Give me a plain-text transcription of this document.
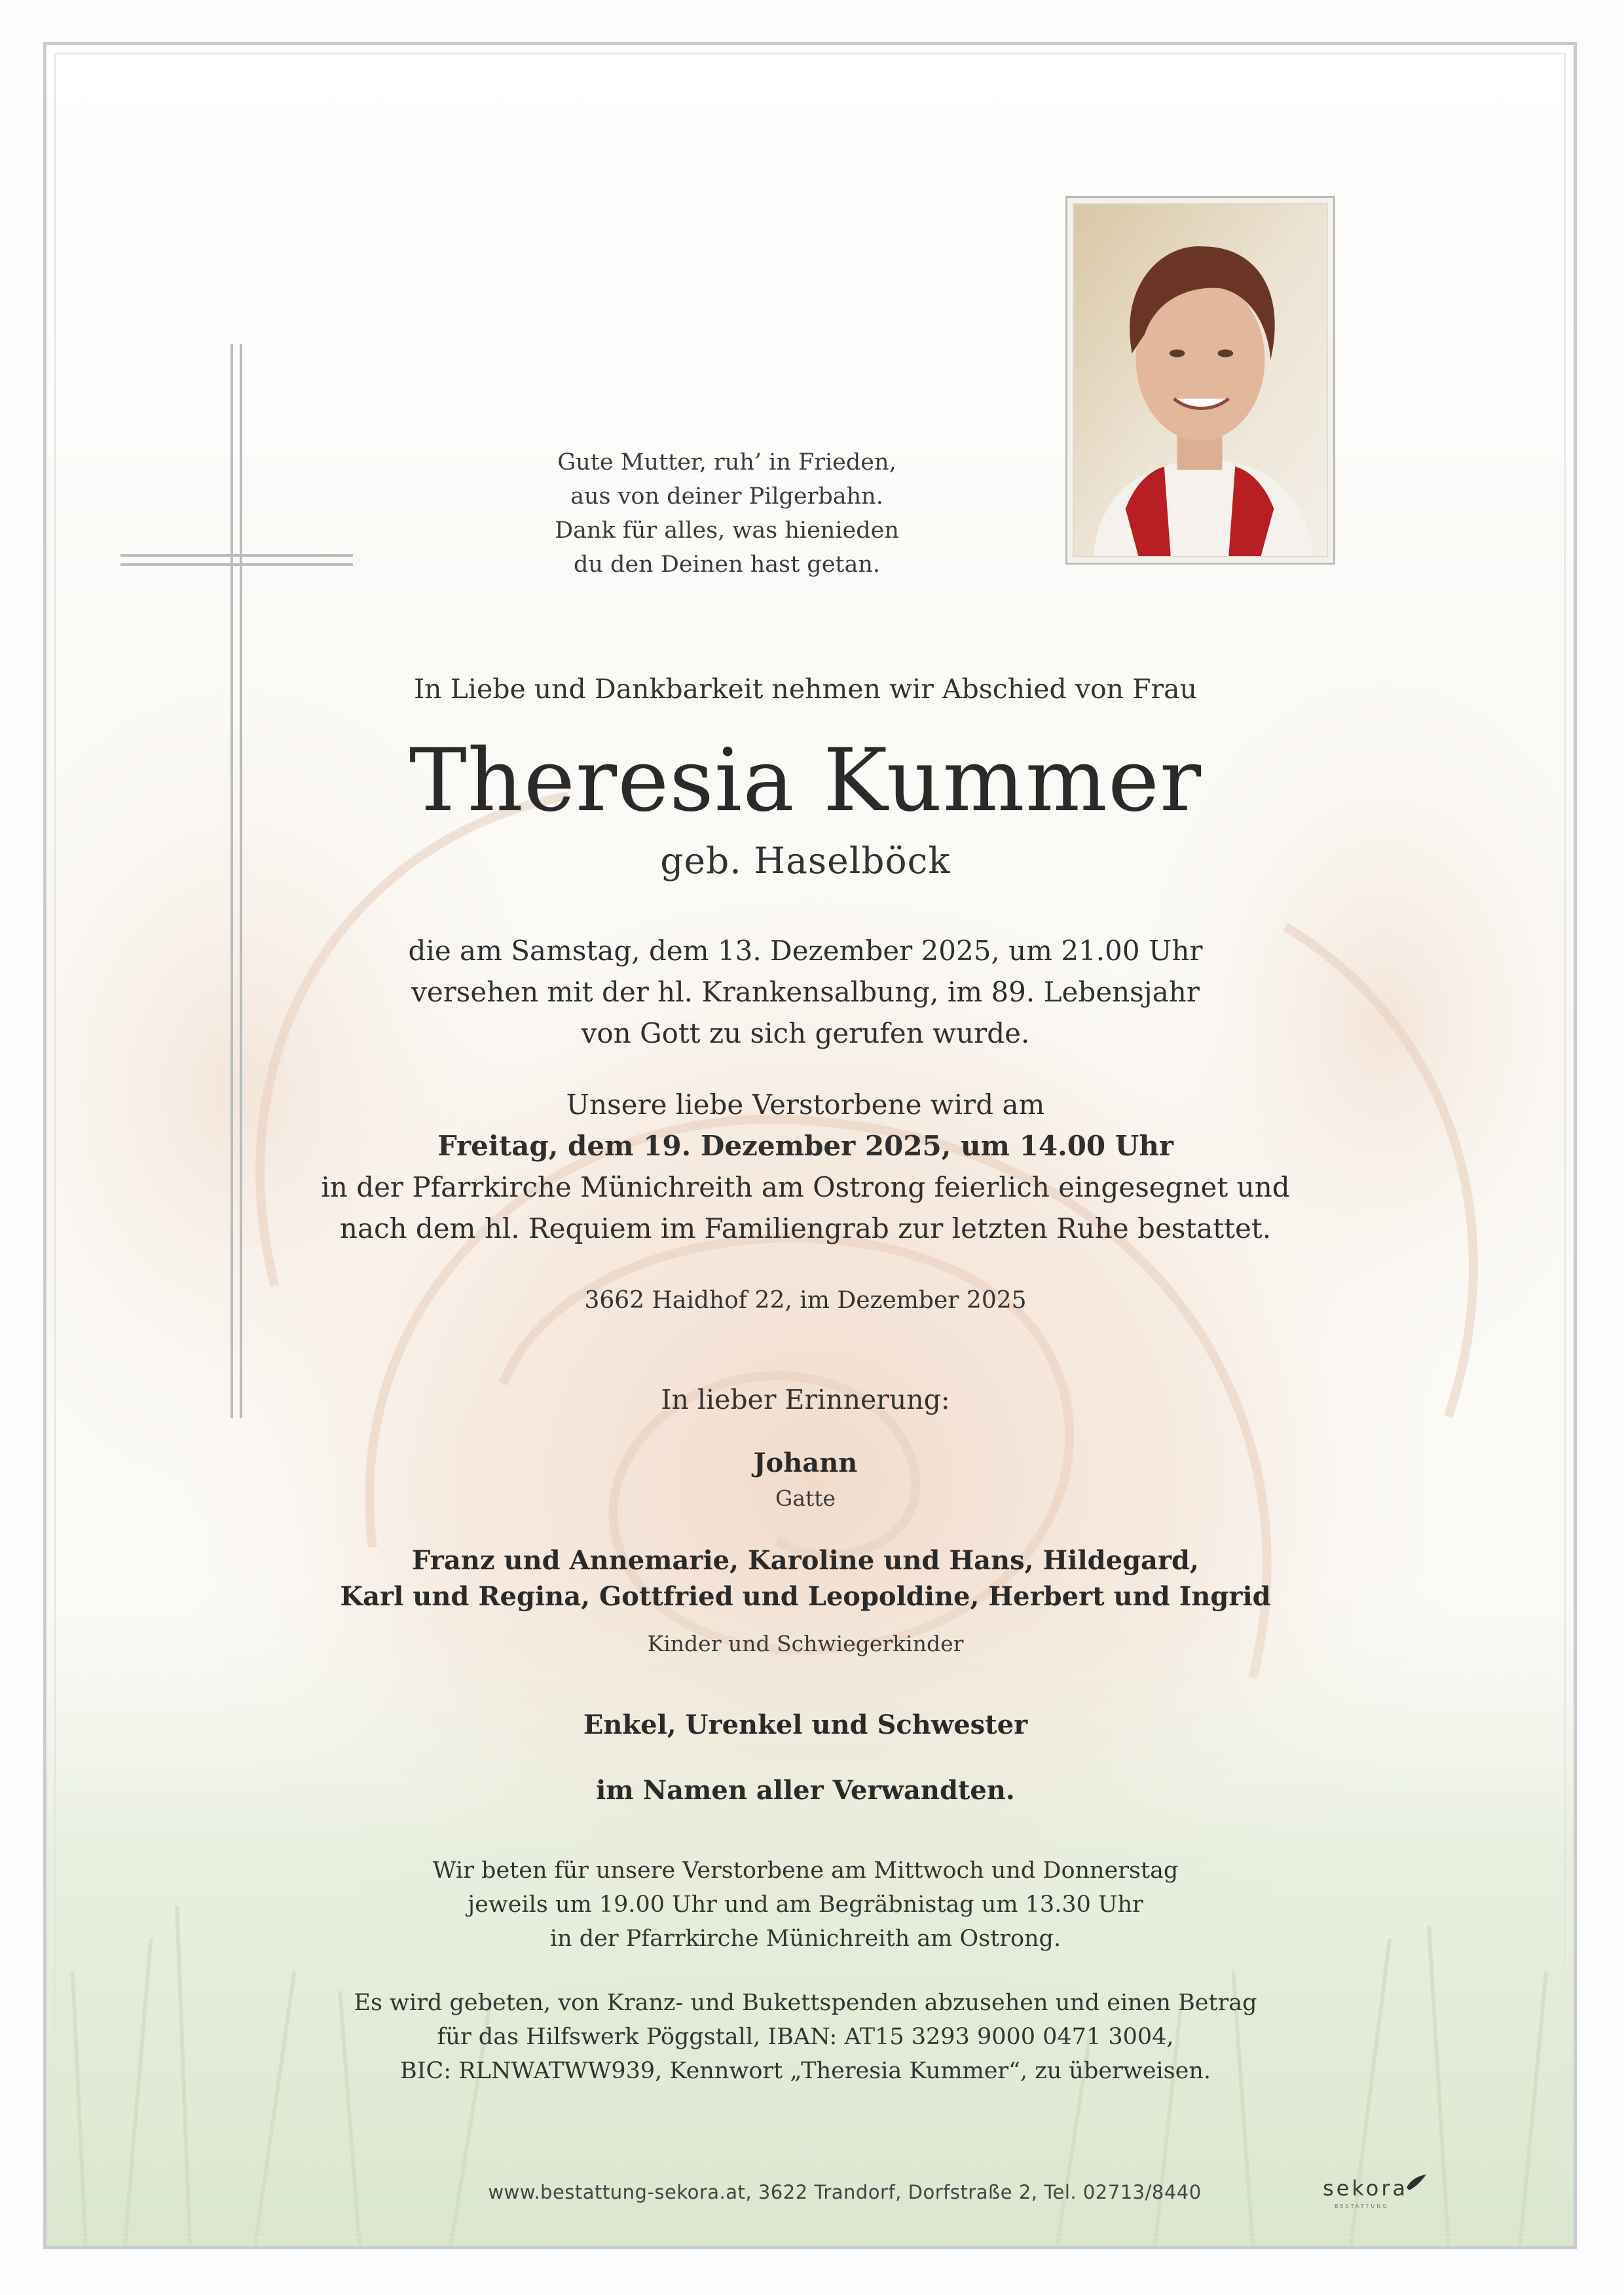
Gute Mutter, ruh’ in Frieden,
aus von deiner Pilgerbahn.
Dank für alles, was hienieden
du den Deinen hast getan.
In Liebe und Dankbarkeit nehmen wir Abschied von Frau
Theresia Kummer
geb. Haselböck
die am Samstag, dem 13. Dezember 2025, um 21.00 Uhr
versehen mit der hl. Krankensalbung, im 89. Lebensjahr
von Gott zu sich gerufen wurde.
Unsere liebe Verstorbene wird am
Freitag, dem 19. Dezember 2025, um 14.00 Uhr
in der Pfarrkirche Münichreith am Ostrong feierlich eingesegnet und
nach dem hl. Requiem im Familiengrab zur letzten Ruhe bestattet.
3662 Haidhof 22, im Dezember 2025
In lieber Erinnerung:
Johann
Gatte
Franz und Annemarie, Karoline und Hans, Hildegard,
Karl und Regina, Gottfried und Leopoldine, Herbert und Ingrid
Kinder und Schwiegerkinder
Enkel, Urenkel und Schwester
im Namen aller Verwandten.
Wir beten für unsere Verstorbene am Mittwoch und Donnerstag
jeweils um 19.00 Uhr und am Begräbnistag um 13.30 Uhr
in der Pfarrkirche Münichreith am Ostrong.
Es wird gebeten, von Kranz- und Bukettspenden abzusehen und einen Betrag
für das Hilfswerk Pöggstall, IBAN: AT15 3293 9000 0471 3004,
BIC: RLNWATWW939, Kennwort „Theresia Kummer“, zu überweisen.
www.bestattung-sekora.at, 3622 Trandorf, Dorfstraße 2, Tel. 02713/8440	sekora
BESTATTUNG
